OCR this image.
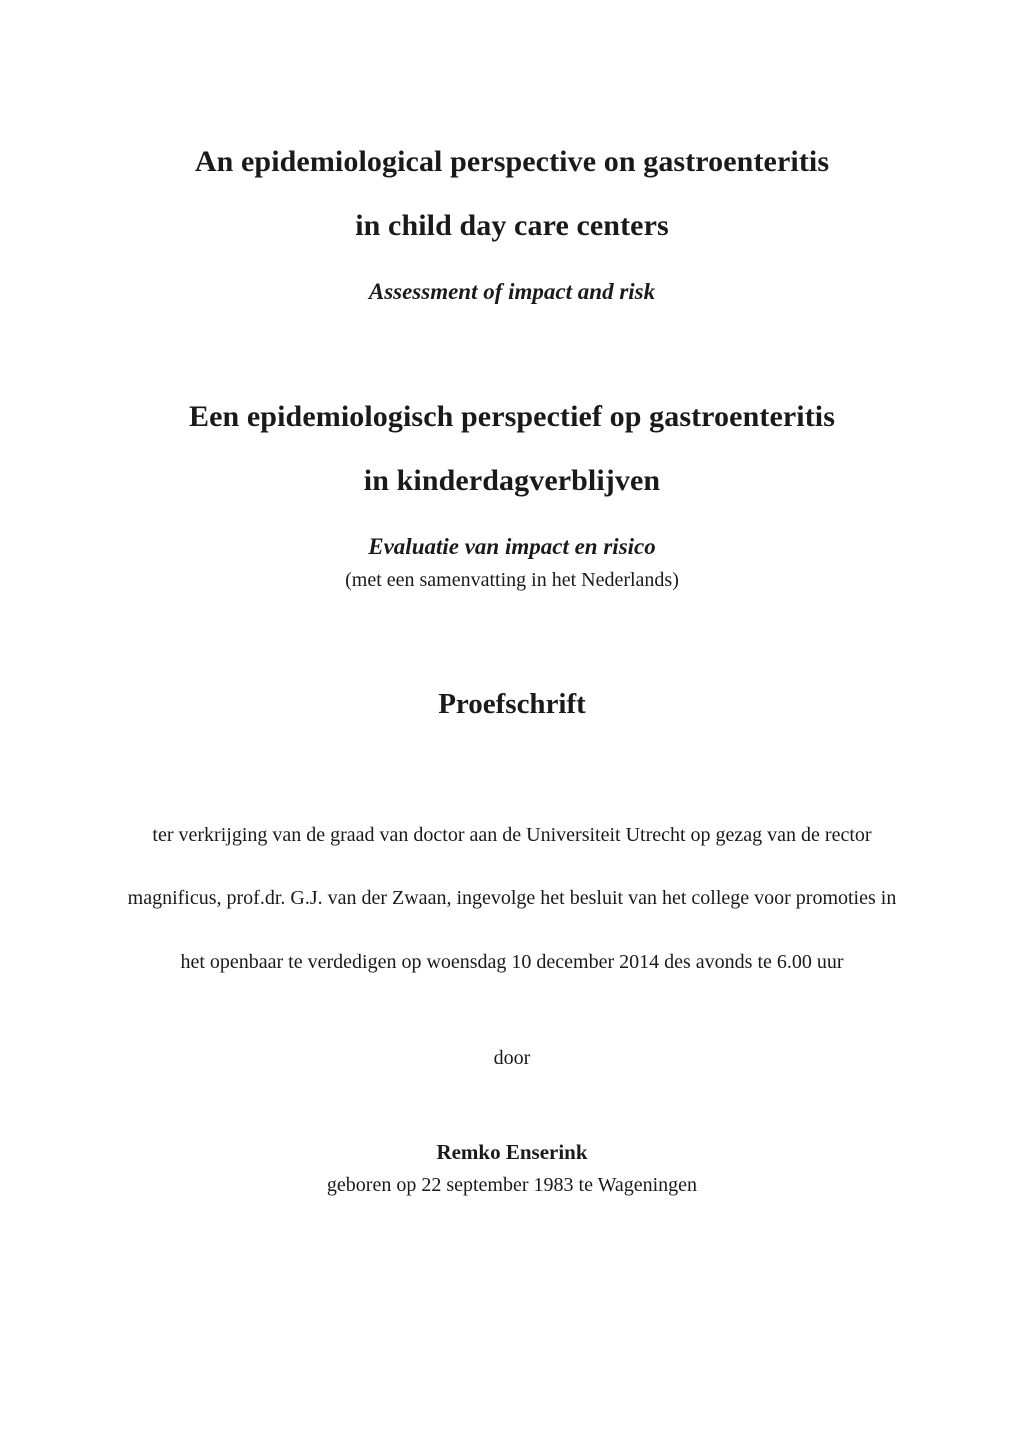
An epidemiological perspective on gastroenteritis
in child day care centers
Assessment of impact and risk
Een epidemiologisch perspectief op gastroenteritis
in kinderdagverblijven
Evaluatie van impact en risico
(met een samenvatting in het Nederlands)
Proefschrift
ter verkrijging van de graad van doctor aan de Universiteit Utrecht op gezag van de rector
magnificus, prof.dr. G.J. van der Zwaan, ingevolge het besluit van het college voor promoties in
het openbaar te verdedigen op woensdag 10 december 2014 des avonds te 6.00 uur
door
Remko Enserink
geboren op 22 september 1983 te Wageningen
